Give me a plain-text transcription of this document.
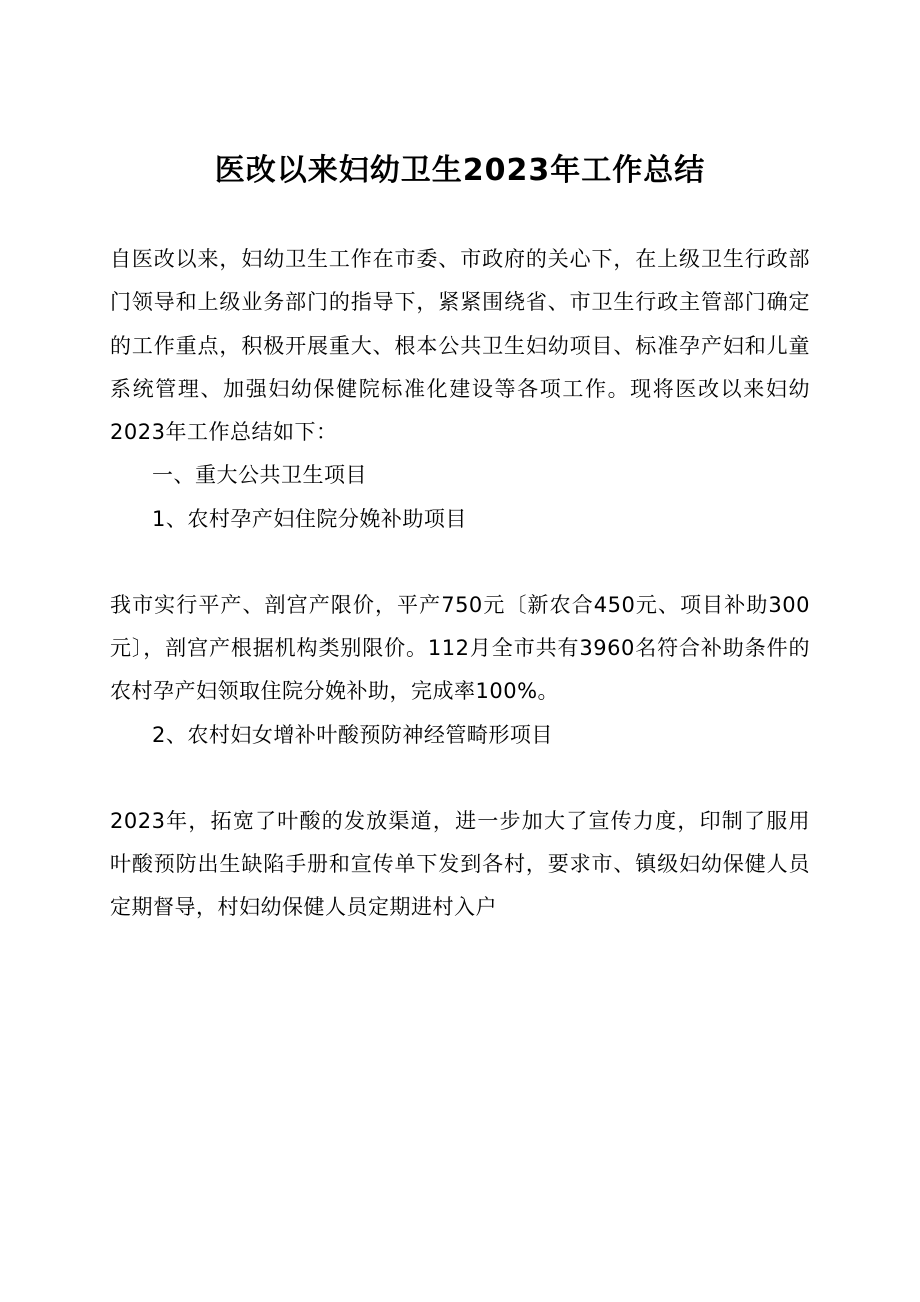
医改以来妇幼卫生2023年工作总结

自医改以来，妇幼卫生工作在市委、市政府的关心下，在上级卫生行政部门领导和上级业务部门的指导下，紧紧围绕省、市卫生行政主管部门确定的工作重点，积极开展重大、根本公共卫生妇幼项目、标准孕产妇和儿童系统管理、加强妇幼保健院标准化建设等各项工作。现将医改以来妇幼2023年工作总结如下：

一、重大公共卫生项目

1、农村孕产妇住院分娩补助项目

我市实行平产、剖宫产限价，平产750元〔新农合450元、项目补助300元〕，剖宫产根据机构类别限价。112月全市共有3960名符合补助条件的农村孕产妇领取住院分娩补助，完成率100%。

2、农村妇女增补叶酸预防神经管畸形项目

2023年，拓宽了叶酸的发放渠道，进一步加大了宣传力度，印制了服用叶酸预防出生缺陷手册和宣传单下发到各村，要求市、镇级妇幼保健人员定期督导，村妇幼保健人员定期进村入户
